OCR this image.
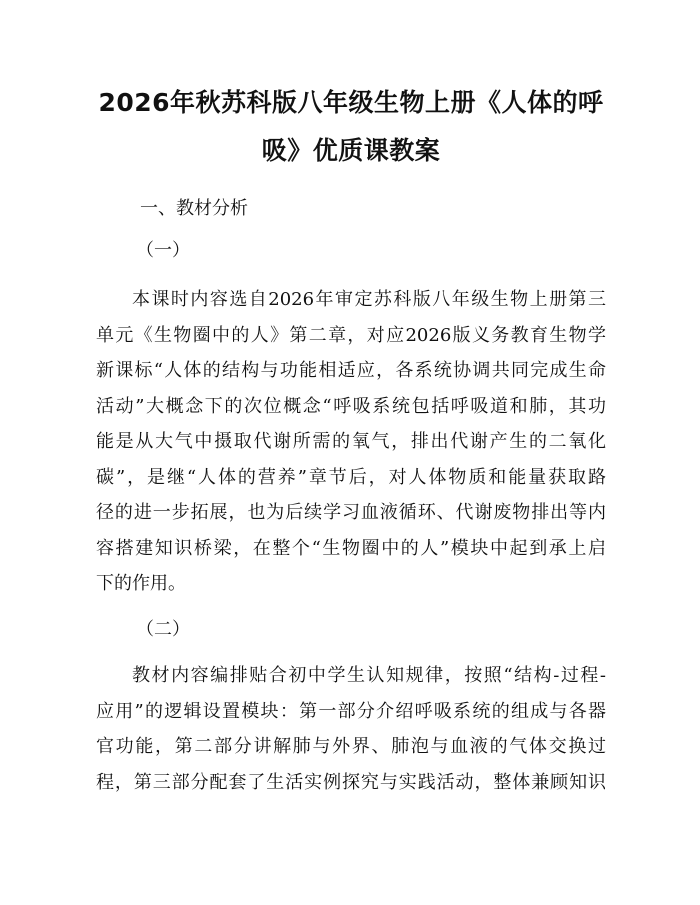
2026年秋苏科版八年级生物上册《人体的呼
吸》优质课教案

一、教材分析

（一）

本课时内容选自2026年审定苏科版八年级生物上册第三
单元《生物圈中的人》第二章，对应2026版义务教育生物学
新课标“人体的结构与功能相适应，各系统协调共同完成生命
活动”大概念下的次位概念“呼吸系统包括呼吸道和肺，其功
能是从大气中摄取代谢所需的氧气，排出代谢产生的二氧化
碳”，是继“人体的营养”章节后，对人体物质和能量获取路
径的进一步拓展，也为后续学习血液循环、代谢废物排出等内
容搭建知识桥梁，在整个“生物圈中的人”模块中起到承上启
下的作用。

（二）

教材内容编排贴合初中学生认知规律，按照“结构-过程-
应用”的逻辑设置模块：第一部分介绍呼吸系统的组成与各器
官功能，第二部分讲解肺与外界、肺泡与血液的气体交换过
程，第三部分配套了生活实例探究与实践活动，整体兼顾知识
